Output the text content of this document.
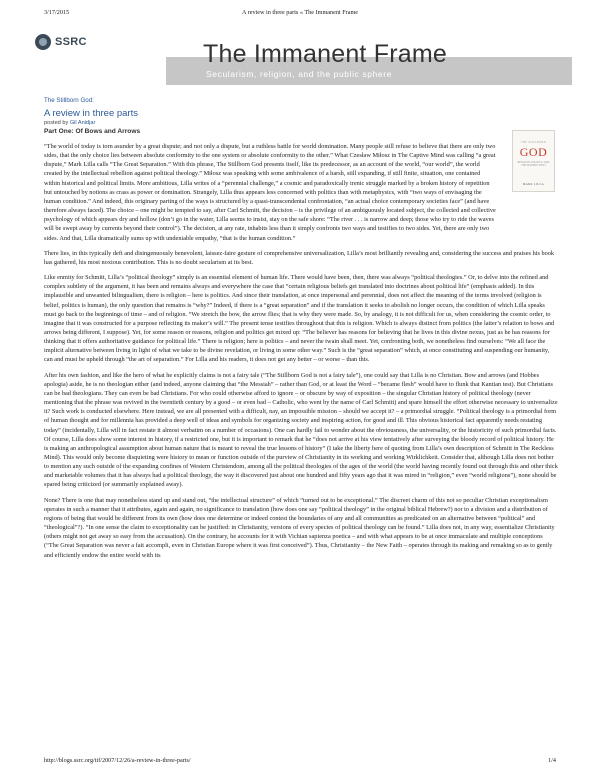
3/17/2015	A review in three parts « The Immanent Frame
SSRC	The Immanent Frame
Secularism, religion, and the public sphere
The Stillborn God:
A review in three parts
posted by Gil Anidjar
Part One: Of Bows and Arrows
THE STILLBORN
GOD
RELIGION, POLITICS, AND THE MODERN WEST
MARK LILLA

“The world of today is torn asunder by a great dispute; and not only a dispute, but a ruthless battle for world domination. Many people still refuse to believe that there are only two sides, that the only choice lies between absolute conformity to the one system or absolute conformity to the other.” What Czesław Miłosz in The Captive Mind was calling “a great dispute,” Mark Lilla calls “The Great Separation.” With this phrase, The Stillborn God presents itself, like its predecessor, as an account of the world, “our world”, the world created by the intellectual rebellion against political theology.” Miłosz was speaking with some ambivalence of a harsh, still expanding, if still finite, situation, one contained within historical and political limits. More ambitious, Lilla writes of a “perennial challenge,” a cosmic and paradoxically irenic struggle marked by a broken history of repetition but untouched by notions as crass as power or domination. Strangely, Lilla thus appears less concerned with politics than with metaphysics, with “two ways of envisaging the human condition.” And indeed, this originary parting of the ways is structured by a quasi-transcendental confrontation, “an actual choice contemporary societies face” (and have therefore always faced). The choice – one might be tempted to say, after Carl Schmitt, the decision – is the privilege of an ambiguously located subject, the collected and collective psychology of which appears dry and hollow (don’t go in the water, Lilla seems to insist, stay on the safe shore: “The river . . . is narrow and deep; those who try to ride the waves will be swept away by currents beyond their control”). The decision, at any rate, inhabits less than it simply confronts two ways and testifies to two sides. Yet, there are only two sides. And that, Lilla dramatically sums up with undeniable empathy, “that is the human condition.”

There lies, in this typically deft and disingenuously benevolent, laissez-faire gesture of comprehensive universalization, Lilla’s most brilliantly revealing and, considering the success and praises his book has gathered, his most noxious contribution. This is no doubt secularism at its best.

Like enmity for Schmitt, Lilla’s “political theology” simply is an essential element of human life. There would have been, then, there was always “political theologies.” Or, to delve into the refined and complex subtlety of the argument, it has been and remains always and everywhere the case that “certain religious beliefs get translated into doctrines about political life” (emphasis added). In this implausible and unwanted bilingualism, there is religion – here is politics. And since their translation, at once impersonal and perennial, does not affect the meaning of the terms involved (religion is belief, politics is human), the only question that remains is “why?” Indeed, if there is a “great separation” and if the translation it seeks to abolish no longer occurs, the condition of which Lilla speaks must go back to the beginnings of time – and of religion. “We stretch the bow, the arrow flies; that is why they were made. So, by analogy, it is not difficult for us, when considering the cosmic order, to imagine that it was constructed for a purpose reflecting its maker’s will.” The present tense testifies throughout that this is religion. Which is always distinct from politics (the latter’s relation to bows and arrows being different, I suppose). Yet, for some reason or reasons, religion and politics get mixed up: “The believer has reasons for believing that he lives in this divine nexus, just as he has reasons for thinking that it offers authoritative guidance for political life.” There is religion; here is politics – and never the twain shall meet. Yet, confronting both, we nonetheless find ourselves: “We all face the implicit alternative between living in light of what we take to be divine revelation, or living in some other way.” Such is the “great separation” which, at once constituting and suspending our humanity, can and must be upheld through “the art of separation.” For Lilla and his readers, it does not get any better – or worse – than this.

After his own fashion, and like the hero of what he explicitly claims is not a fairy tale (“The Stillborn God is not a fairy tale”), one could say that Lilla is no Christian. Bow and arrows (and Hobbes apologia) aside, he is no theologian either (and indeed, anyone claiming that “the Messiah” – rather than God, or at least the Word – “became flesh” would have to flunk that Kantian test). But Christians can be bad theologians. They can even be bad Christians. For who could otherwise afford to ignore – or obscure by way of exposition – the singular Christian history of political theology (never mentioning that the phrase was revived in the twentieth century by a good – or even bad – Catholic, who went by the name of Carl Schmitt) and spare himself the effort otherwise necessary to universalize it? Such work is conducted elsewhere. Here instead, we are all presented with a difficult, nay, an impossible mission – should we accept it? – a primordial struggle. “Political theology is a primordial form of human thought and for millennia has provided a deep well of ideas and symbols for organizing society and inspiring action, for good and ill. This obvious historical fact apparently needs restating today” (incidentally, Lilla will in fact restate it almost verbatim on a number of occasions). One can hardly fail to wonder about the obviousness, the universality, or the historicity of such primordial facts. Of course, Lilla does show some interest in history, if a restricted one, but it is important to remark that he “does not arrive at his view tentatively after surveying the bloody record of political history. He is making an anthropological assumption about human nature that is meant to reveal the true lessons of history” (I take the liberty here of quoting from Lilla’s own description of Schmitt in The Reckless Mind). This would only become disquieting were history to mean or function outside of the purview of Christianity in its working and working Wirklichkeit. Consider that, although Lilla does not bother to mention any such outside of the expanding confines of Western Christendom, among all the political theologies of the ages of the world (the world having recently found out through this and other thick and marketable volumes that it has always had a political theology, the way it discovered just about one hundred and fifty years ago that it was mired in “religion,” even “world religions”), none should be spared being criticized (or summarily explained away).

None? There is one that may nonetheless stand up and stand out, “the intellectual structure” of which “turned out to be exceptional.” The discreet charm of this not so peculiar Christian exceptionalism operates in such a manner that it attributes, again and again, no significance to translation (how does one say “political theology” in the original biblical Hebrew?) nor to a division and a distribution of regions of being that would be different from its own (how does one determine or indeed contest the boundaries of any and all communities as predicated on an alternative between “political” and “theological”?). “In one sense the claim to exceptionality can be justified: in Christianity, versions of every species of political theology can be found.” Lilla does not, in any way, essentialize Christianity (others might not get away so easy from the accusation). On the contrary, he accounts for it with Vichian sapienza poetica – and with what appears to be at once immaculate and multiple conceptions (“The Great Separation was never a fait accompli, even in Christian Europe where it was first conceived”). Thus, Christianity – the New Faith – operates through its making and remaking so as to gently and efficiently endow the entire world with its

http://blogs.ssrc.org/tif/2007/12/26/a-review-in-three-parts/	1/4
